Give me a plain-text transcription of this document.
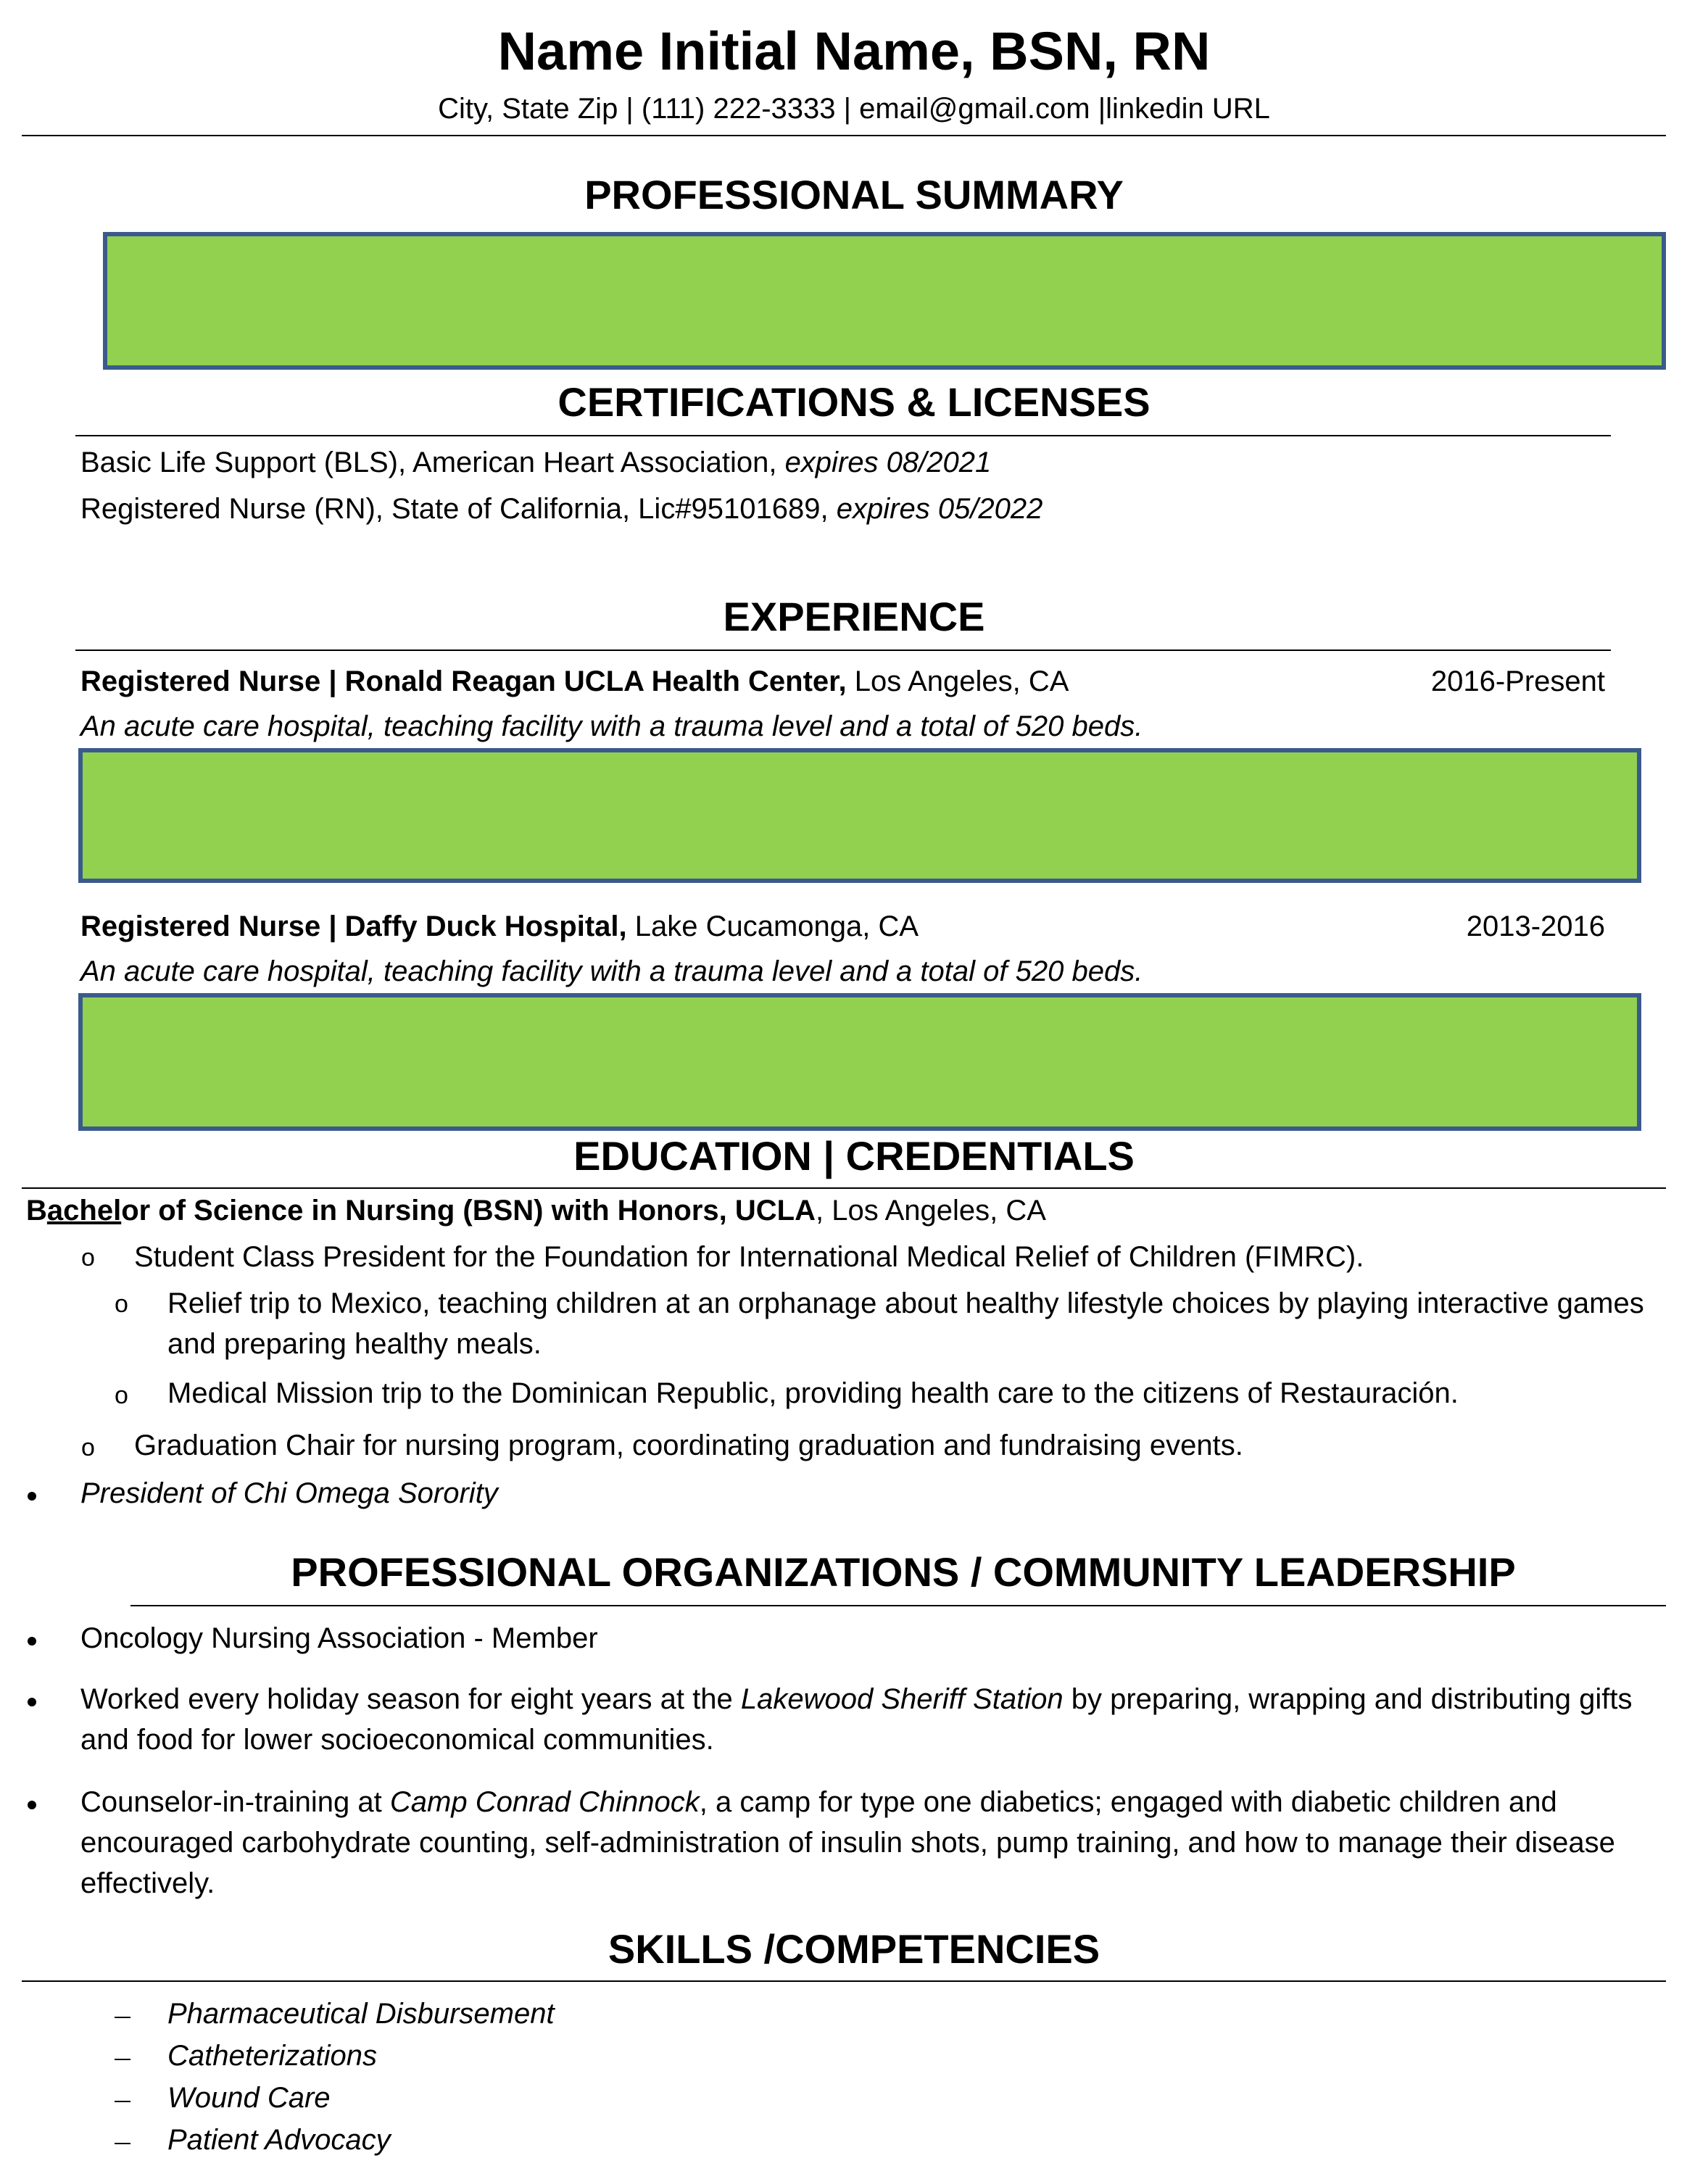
Name Initial Name, BSN, RN
City, State Zip | (111) 222-3333 | email@gmail.com |linkedin URL
PROFESSIONAL SUMMARY
CERTIFICATIONS & LICENSES
Basic Life Support (BLS), American Heart Association, expires 08/2021
Registered Nurse (RN), State of California, Lic#95101689, expires 05/2022
EXPERIENCE
Registered Nurse | Ronald Reagan UCLA Health Center, Los Angeles, CA	2016-Present
An acute care hospital, teaching facility with a trauma level and a total of 520 beds.
Registered Nurse | Daffy Duck Hospital, Lake Cucamonga, CA	2013-2016
An acute care hospital, teaching facility with a trauma level and a total of 520 beds.
EDUCATION | CREDENTIALS
Bachelor of Science in Nursing (BSN) with Honors, UCLA, Los Angeles, CA
o Student Class President for the Foundation for International Medical Relief of Children (FIMRC).
o Relief trip to Mexico, teaching children at an orphanage about healthy lifestyle choices by playing interactive games and preparing healthy meals.
o Medical Mission trip to the Dominican Republic, providing health care to the citizens of Restauración.
o Graduation Chair for nursing program, coordinating graduation and fundraising events.
President of Chi Omega Sorority
PROFESSIONAL ORGANIZATIONS / COMMUNITY LEADERSHIP
Oncology Nursing Association - Member
Worked every holiday season for eight years at the Lakewood Sheriff Station by preparing, wrapping and distributing gifts and food for lower socioeconomical communities.
Counselor-in-training at Camp Conrad Chinnock, a camp for type one diabetics; engaged with diabetic children and encouraged carbohydrate counting, self-administration of insulin shots, pump training, and how to manage their disease effectively.
SKILLS /COMPETENCIES
Pharmaceutical Disbursement
Catheterizations
Wound Care
Patient Advocacy
